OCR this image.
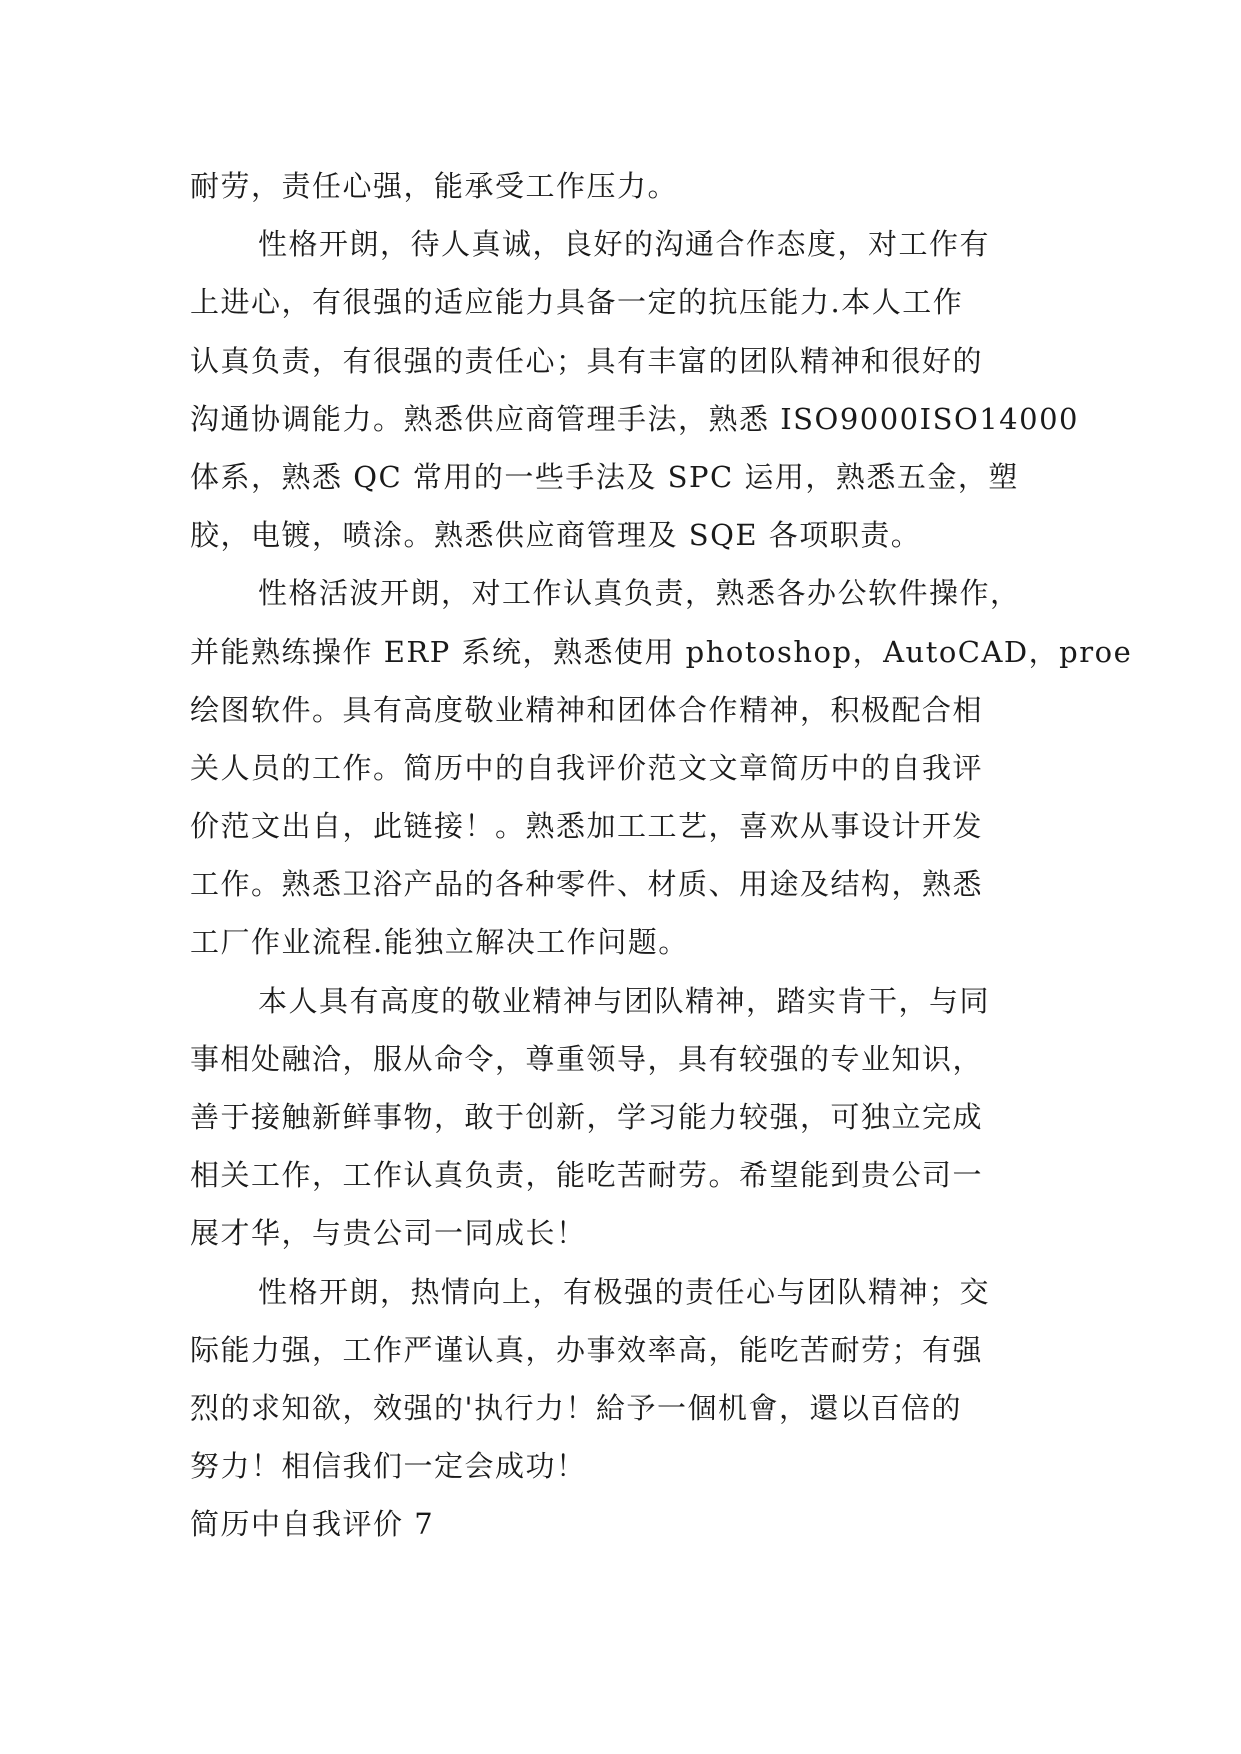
耐劳，责任心强，能承受工作压力。
性格开朗，待人真诚，良好的沟通合作态度，对工作有
上进心，有很强的适应能力具备一定的抗压能力.本人工作
认真负责，有很强的责任心；具有丰富的团队精神和很好的
沟通协调能力。熟悉供应商管理手法，熟悉 ISO9000ISO14000
体系，熟悉 QC 常用的一些手法及 SPC 运用，熟悉五金，塑
胶，电镀，喷涂。熟悉供应商管理及 SQE 各项职责。
性格活波开朗，对工作认真负责，熟悉各办公软件操作，
并能熟练操作 ERP 系统，熟悉使用 photoshop，AutoCAD，proe
绘图软件。具有高度敬业精神和团体合作精神，积极配合相
关人员的工作。简历中的自我评价范文文章简历中的自我评
价范文出自，此链接！。熟悉加工工艺，喜欢从事设计开发
工作。熟悉卫浴产品的各种零件、材质、用途及结构，熟悉
工厂作业流程.能独立解决工作问题。
本人具有高度的敬业精神与团队精神，踏实肯干，与同
事相处融洽，服从命令，尊重领导，具有较强的专业知识，
善于接触新鲜事物，敢于创新，学习能力较强，可独立完成
相关工作，工作认真负责，能吃苦耐劳。希望能到贵公司一
展才华，与贵公司一同成长！
性格开朗，热情向上，有极强的责任心与团队精神；交
际能力强，工作严谨认真，办事效率高，能吃苦耐劳；有强
烈的求知欲，效强的'执行力！給予一個机會，還以百倍的
努力！相信我们一定会成功！
简历中自我评价 7
